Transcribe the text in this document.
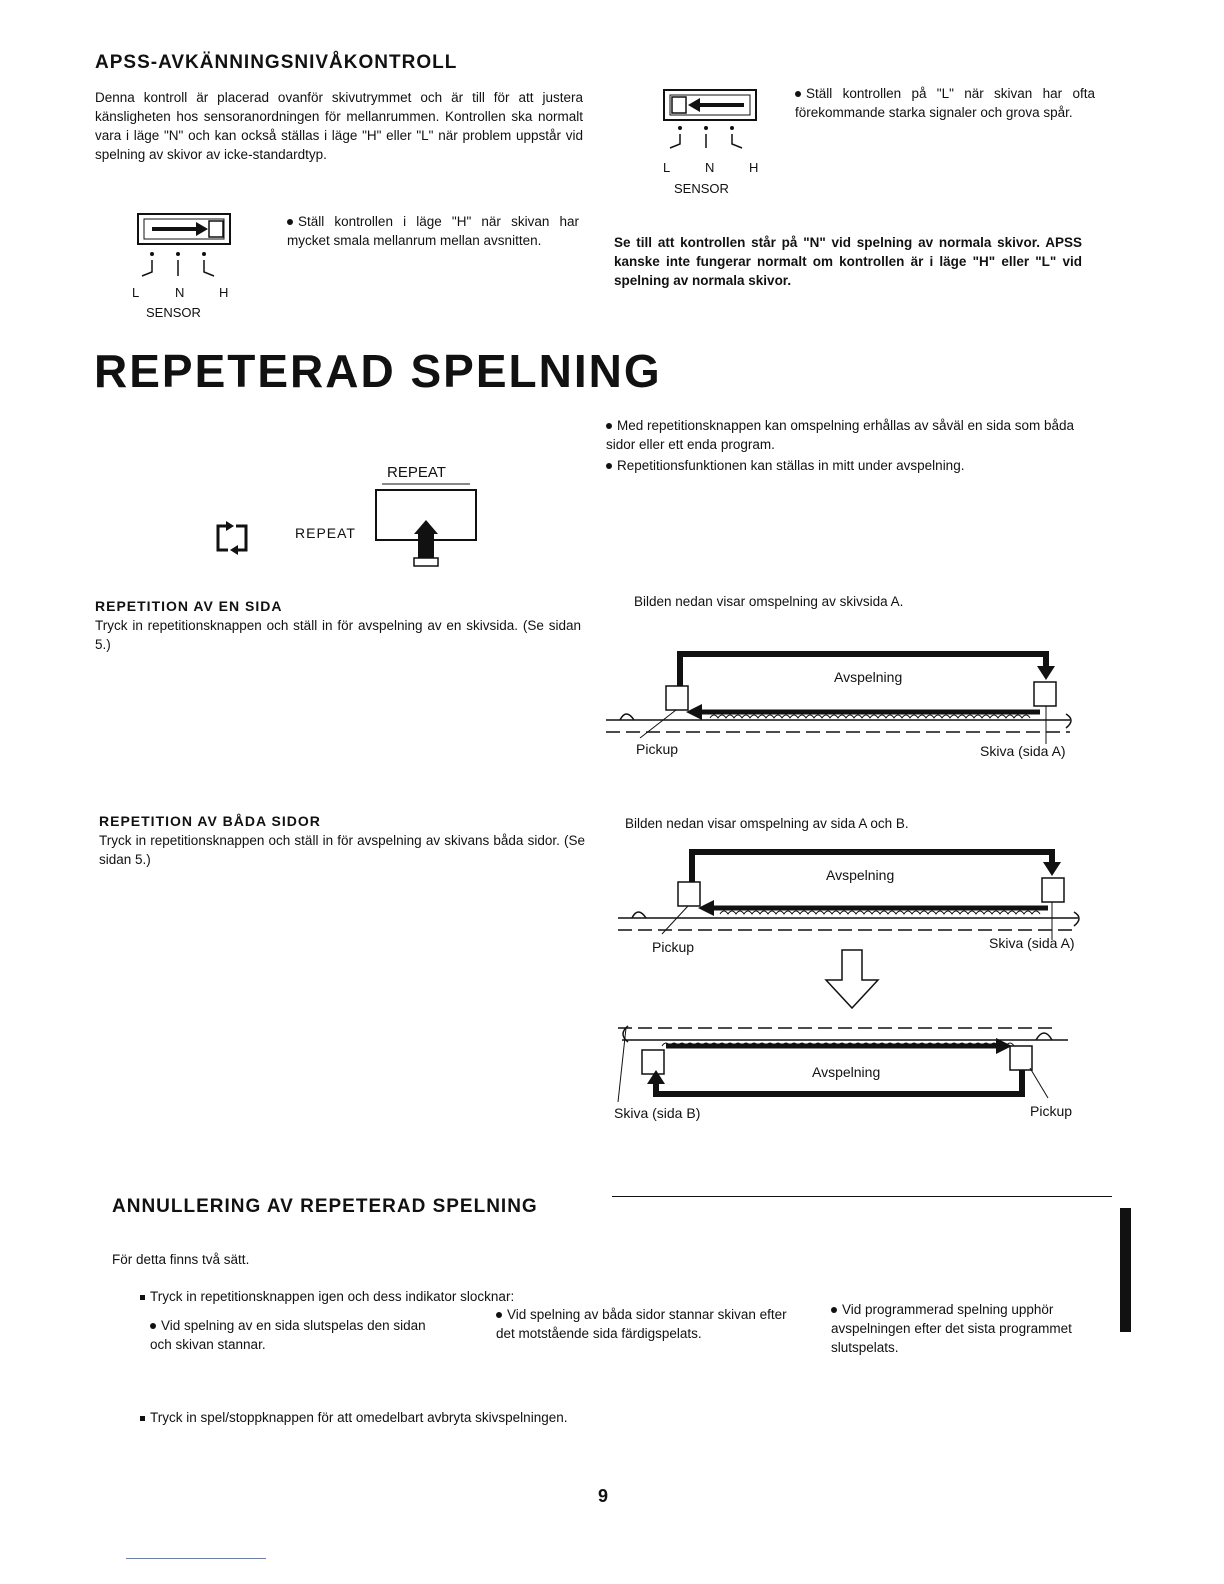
APSS-AVKÄNNINGSNIVÅKONTROLL
Denna kontroll är placerad ovanför skivutrymmet och är till för att justera känsligheten hos sensoranordningen för mellanrummen. Kontrollen ska normalt vara i läge "N" och kan också ställas i läge "H" eller "L" när problem uppstår vid spelning av skivor av icke-standardtyp.
L	N	H
SENSOR
Ställ kontrollen i läge "H" när skivan har mycket smala mellanrum mellan avsnitten.
L	N	H
SENSOR
Ställ kontrollen på "L" när skivan har ofta förekommande starka signaler och grova spår.
Se till att kontrollen står på "N" vid spelning av normala skivor. APSS kanske inte fungerar normalt om kontrollen är i läge "H" eller "L" vid spelning av normala skivor.
REPETERAD SPELNING
Med repetitionsknappen kan omspelning erhållas av såväl en sida som båda sidor eller ett enda program.
Repetitionsfunktionen kan ställas in mitt under avspelning.
REPEAT
REPEAT
REPETITION AV EN SIDA
Tryck in repetitionsknappen och ställ in för avspelning av en skivsida. (Se sidan 5.)
Bilden nedan visar omspelning av skivsida A.
Avspelning
Pickup	Skiva (sida A)
REPETITION AV BÅDA SIDOR
Tryck in repetitionsknappen och ställ in för avspelning av skivans båda sidor. (Se sidan 5.)
Bilden nedan visar omspelning av sida A och B.
Avspelning
Pickup	Skiva (sida A)
Avspelning
Skiva (sida B)	Pickup
ANNULLERING AV REPETERAD SPELNING
För detta finns två sätt.
Tryck in repetitionsknappen igen och dess indikator slocknar:
Vid spelning av en sida slutspelas den sidan och skivan stannar.
Vid spelning av båda sidor stannar skivan efter det motstående sida färdigspelats.
Vid programmerad spelning upphör avspelningen efter det sista programmet slutspelats.
Tryck in spel/stoppknappen för att omedelbart avbryta skivspelningen.
9
